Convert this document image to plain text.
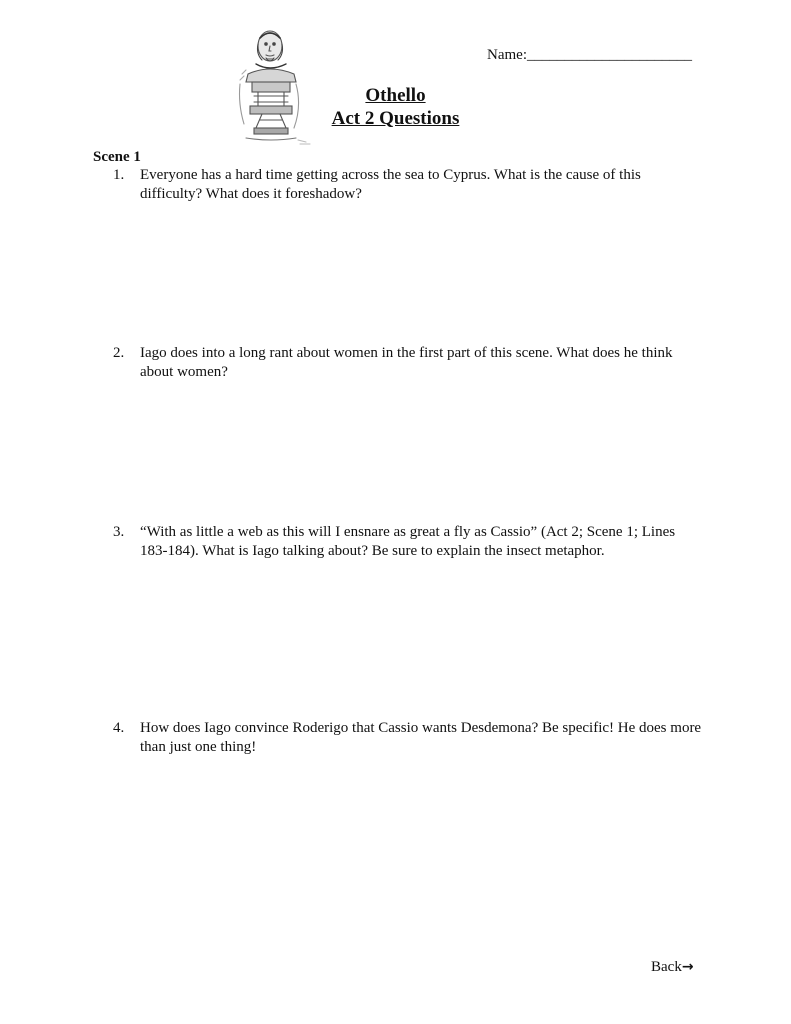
Name:______________________
Othello
Act 2 Questions
Scene 1
1. Everyone has a hard time getting across the sea to Cyprus. What is the cause of this difficulty? What does it foreshadow?
2. Iago does into a long rant about women in the first part of this scene. What does he think about women?
3. “With as little a web as this will I ensnare as great a fly as Cassio” (Act 2; Scene 1; Lines 183-184). What is Iago talking about? Be sure to explain the insect metaphor.
4. How does Iago convince Roderigo that Cassio wants Desdemona? Be specific! He does more than just one thing!
Back→
